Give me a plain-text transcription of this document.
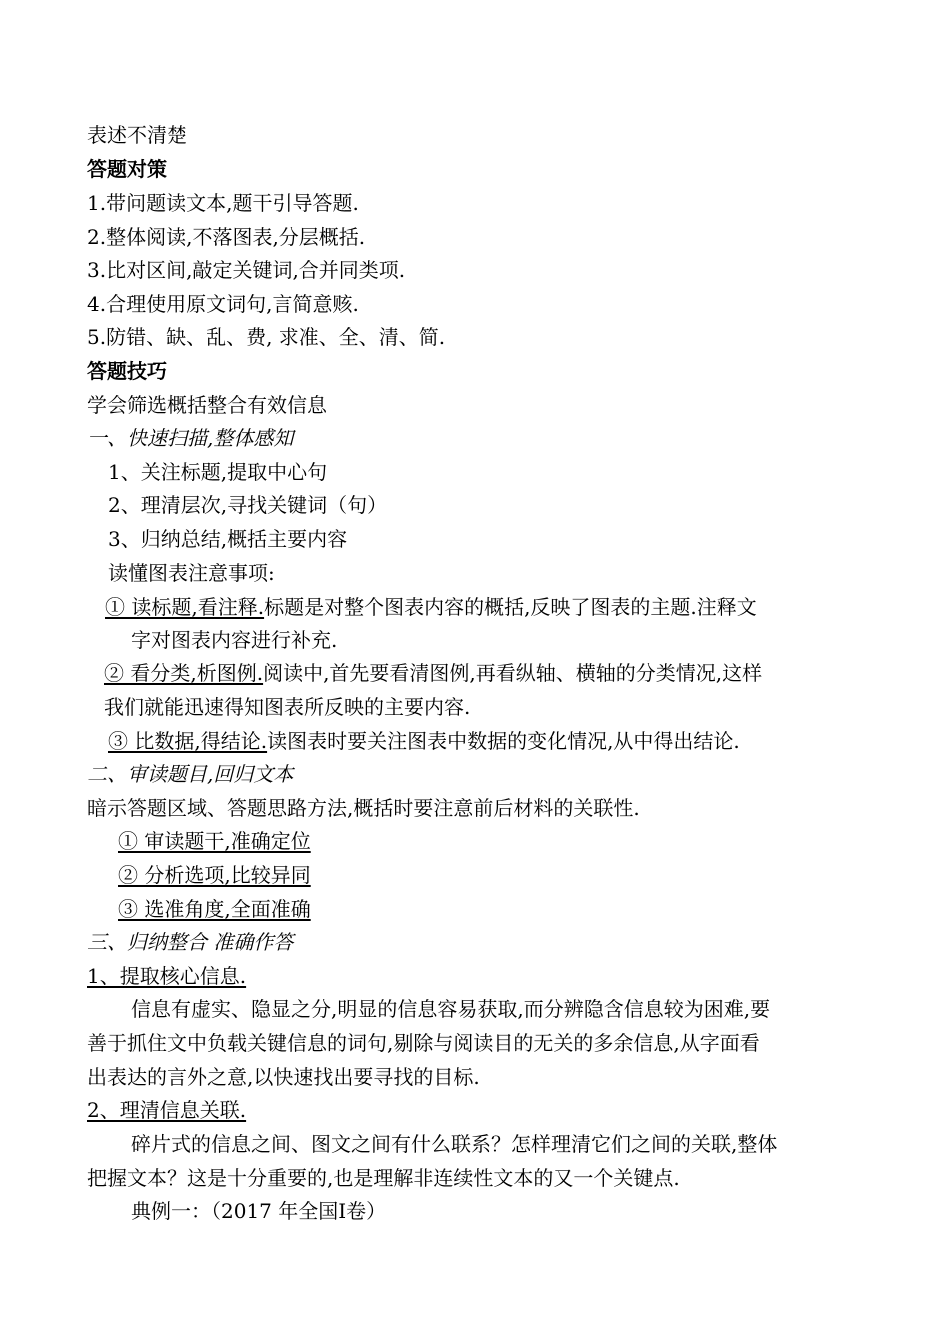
表述不清楚
答题对策
1.带问题读文本,题干引导答题.
2.整体阅读,不落图表,分层概括.
3.比对区间,敲定关键词,合并同类项.
4.合理使用原文词句,言简意赅.
5.防错、缺、乱、费, 求准、全、清、简.
答题技巧
学会筛选概括整合有效信息
一、快速扫描,整体感知
1、关注标题,提取中心句
2、理清层次,寻找关键词（句）
3、归纳总结,概括主要内容
读懂图表注意事项:
① 读标题,看注释.标题是对整个图表内容的概括,反映了图表的主题.注释文
字对图表内容进行补充.
② 看分类,析图例.阅读中,首先要看清图例,再看纵轴、横轴的分类情况,这样
我们就能迅速得知图表所反映的主要内容.
③ 比数据,得结论.读图表时要关注图表中数据的变化情况,从中得出结论.
二、审读题目,回归文本
暗示答题区域、答题思路方法,概括时要注意前后材料的关联性.
① 审读题干,准确定位
② 分析选项,比较异同
③ 选准角度,全面准确
三、归纳整合 准确作答
1、提取核心信息.
信息有虚实、隐显之分,明显的信息容易获取,而分辨隐含信息较为困难,要
善于抓住文中负载关键信息的词句,剔除与阅读目的无关的多余信息,从字面看
出表达的言外之意,以快速找出要寻找的目标.
2、理清信息关联.
碎片式的信息之间、图文之间有什么联系？怎样理清它们之间的关联,整体
把握文本？这是十分重要的,也是理解非连续性文本的又一个关键点.
典例一：（2017 年全国Ⅰ卷）
